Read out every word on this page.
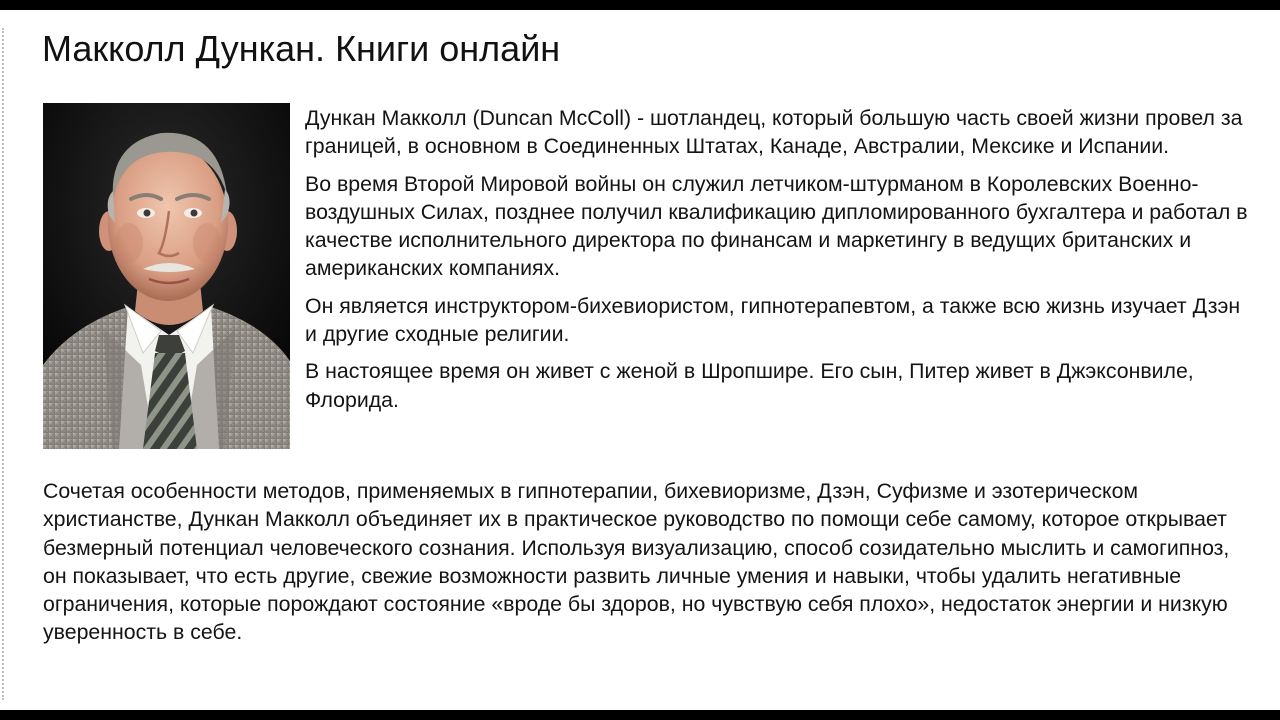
Макколл Дункан. Книги онлайн

Дункан Макколл (Duncan McColl) - шотландец, который большую часть своей жизни провел за границей, в основном в Соединенных Штатах, Канаде, Австралии, Мексике и Испании.

Во время Второй Мировой войны он служил летчиком-штурманом в Королевских Военно-воздушных Силах, позднее получил квалификацию дипломированного бухгалтера и работал в качестве исполнительного директора по финансам и маркетингу в ведущих британских и американских компаниях.

Он является инструктором-бихевиористом, гипнотерапевтом, а также всю жизнь изучает Дзэн и другие сходные религии.

В настоящее время он живет с женой в Шропшире. Его сын, Питер живет в Джэксонвиле, Флорида.

Сочетая особенности методов, применяемых в гипнотерапии, бихевиоризме, Дзэн, Суфизме и эзотерическом христианстве, Дункан Макколл объединяет их в практическое руководство по помощи себе самому, которое открывает безмерный потенциал человеческого сознания. Используя визуализацию, способ созидательно мыслить и самогипноз, он показывает, что есть другие, свежие возможности развить личные умения и навыки, чтобы удалить негативные ограничения, которые порождают состояние «вроде бы здоров, но чувствую себя плохо», недостаток энергии и низкую уверенность в себе.
